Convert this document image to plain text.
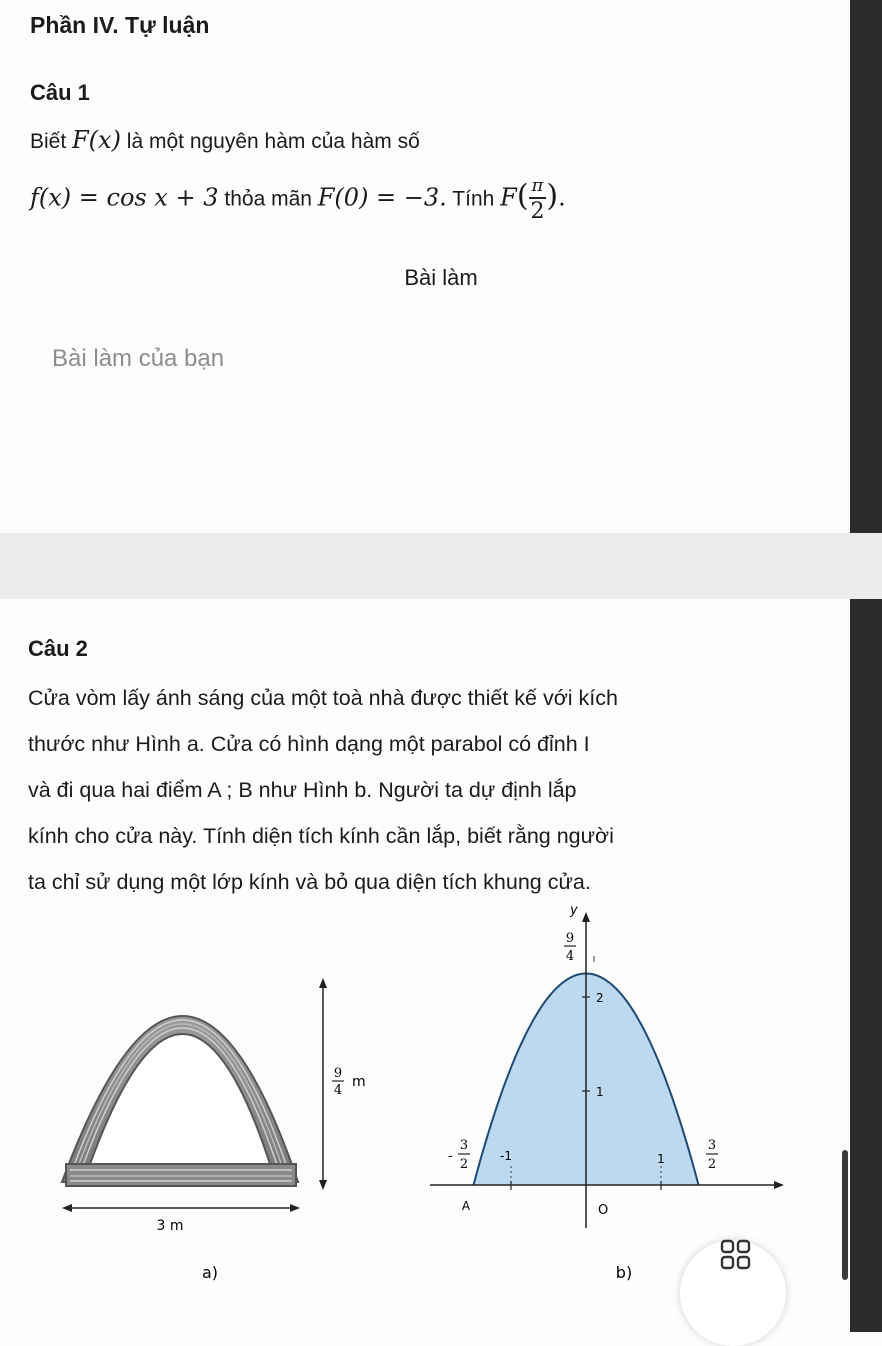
Phần IV. Tự luận
Câu 1
Biết F(x) là một nguyên hàm của hàm số
f(x) = cos x + 3 thỏa mãn F(0) = −3. Tính $F( \frac{\pi}{2}$ ).
Bài làm
Bài làm của bạn
Câu 2
Cửa vòm lấy ánh sáng của một toà nhà được thiết kế với kích
thước như Hình a. Cửa có hình dạng một parabol có đỉnh I
và đi qua hai điểm A ; B như Hình b. Người ta dự định lắp
kính cho cửa này. Tính diện tích kính cần lắp, biết rằng người
ta chỉ sử dụng một lớp kính và bỏ qua diện tích khung cửa.
9
4
m
3 m
a)
y
2
1
9
4
-1	1
-
3
2
3
2
A	O
b)
